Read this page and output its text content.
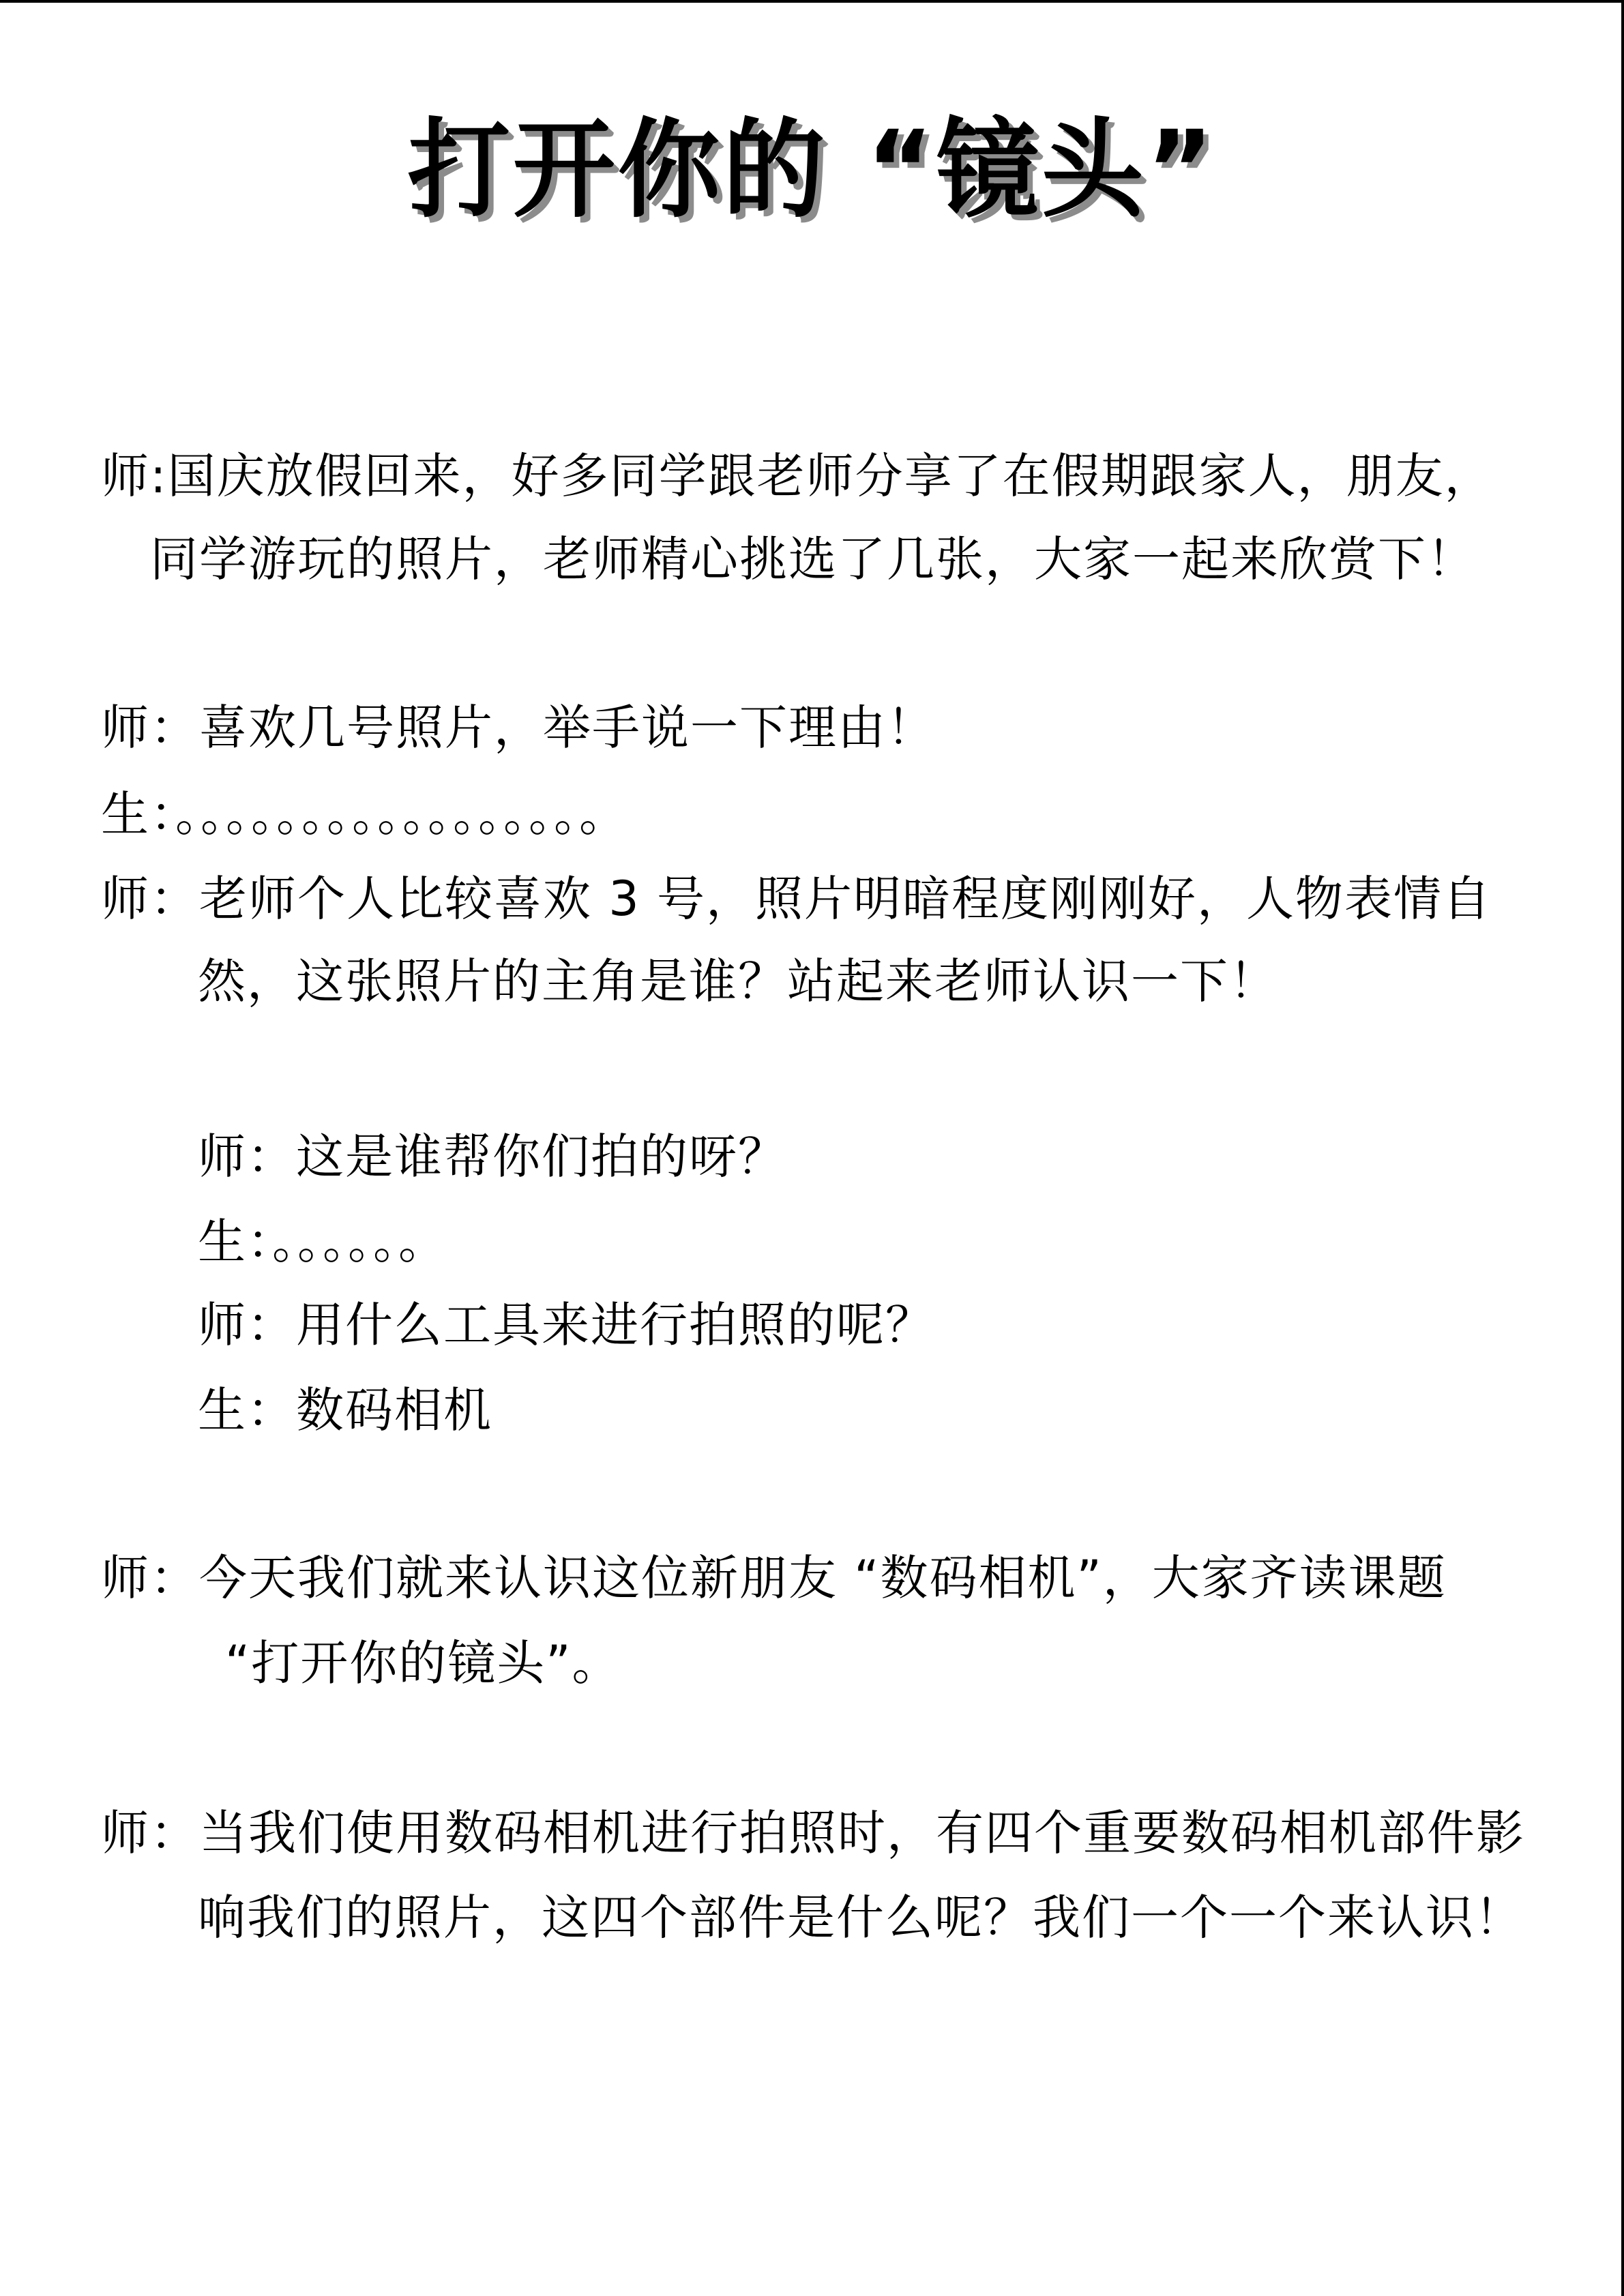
打开你的 “镜头”
师:国庆放假回来，好多同学跟老师分享了在假期跟家人，朋友，
同学游玩的照片，老师精心挑选了几张，大家一起来欣赏下！
师：喜欢几号照片，举手说一下理由！
生：。。。。。。。。。。。。。。。。。
师：老师个人比较喜欢 3 号，照片明暗程度刚刚好，人物表情自
然，这张照片的主角是谁？站起来老师认识一下！
师：这是谁帮你们拍的呀？
生：。。。。。。
师：用什么工具来进行拍照的呢？
生：数码相机
师：今天我们就来认识这位新朋友 “数码相机”，大家齐读课题
“打开你的镜头”。
师：当我们使用数码相机进行拍照时，有四个重要数码相机部件影
响我们的照片，这四个部件是什么呢？我们一个一个来认识！
